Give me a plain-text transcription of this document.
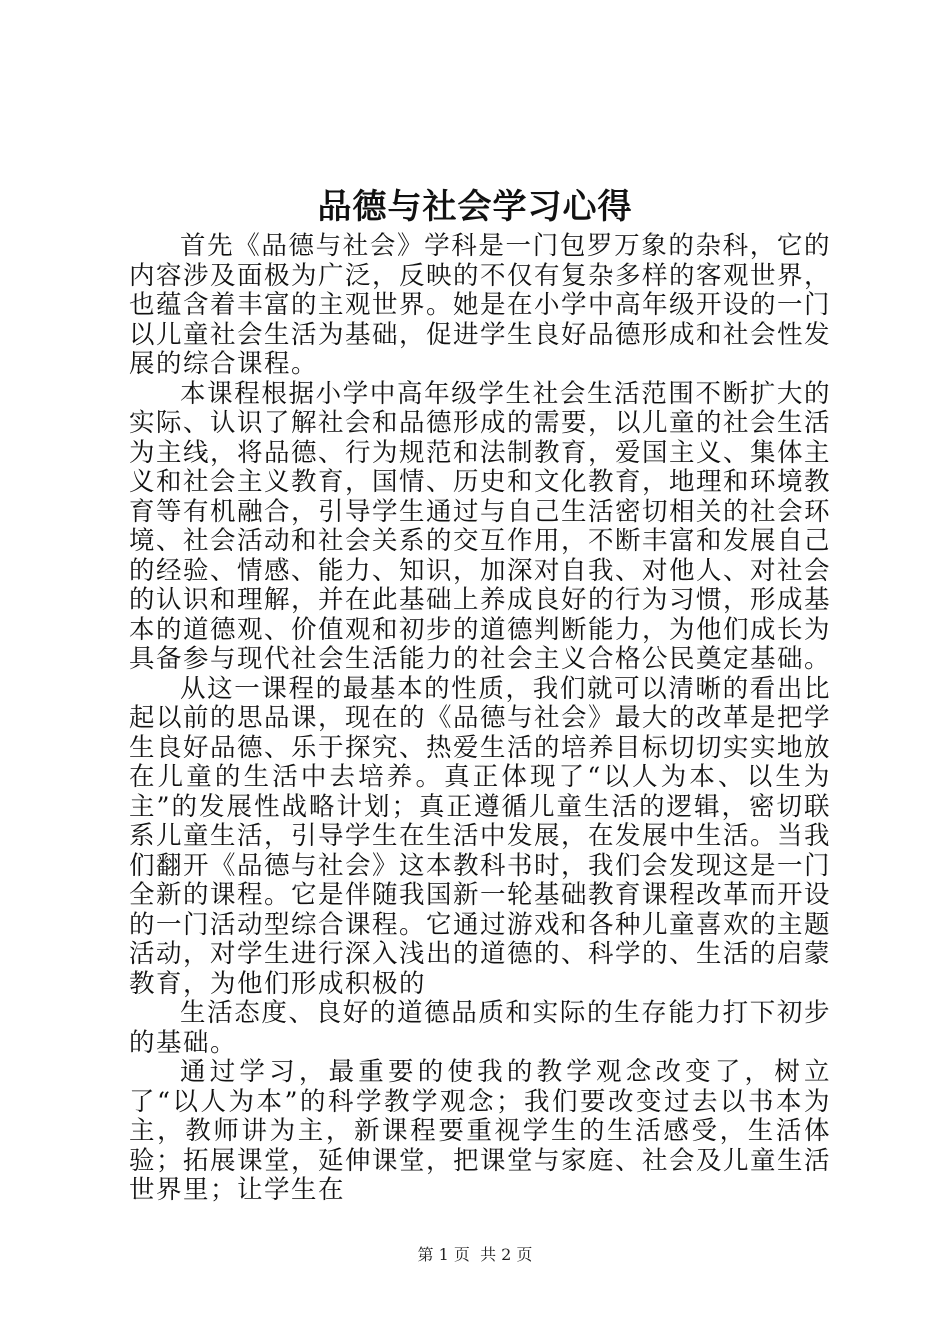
品德与社会学习心得

首先《品德与社会》学科是一门包罗万象的杂科，它的内容涉及面极为广泛，反映的不仅有复杂多样的客观世界，也蕴含着丰富的主观世界。她是在小学中高年级开设的一门以儿童社会生活为基础，促进学生良好品德形成和社会性发展的综合课程。

本课程根据小学中高年级学生社会生活范围不断扩大的实际、认识了解社会和品德形成的需要，以儿童的社会生活为主线，将品德、行为规范和法制教育，爱国主义、集体主义和社会主义教育，国情、历史和文化教育，地理和环境教育等有机融合，引导学生通过与自己生活密切相关的社会环境、社会活动和社会关系的交互作用，不断丰富和发展自己的经验、情感、能力、知识，加深对自我、对他人、对社会的认识和理解，并在此基础上养成良好的行为习惯，形成基本的道德观、价值观和初步的道德判断能力，为他们成长为具备参与现代社会生活能力的社会主义合格公民奠定基础。

从这一课程的最基本的性质，我们就可以清晰的看出比起以前的思品课，现在的《品德与社会》最大的改革是把学生良好品德、乐于探究、热爱生活的培养目标切切实实地放在儿童的生活中去培养。真正体现了“以人为本、以生为主”的发展性战略计划；真正遵循儿童生活的逻辑，密切联系儿童生活，引导学生在生活中发展，在发展中生活。当我们翻开《品德与社会》这本教科书时，我们会发现这是一门全新的课程。它是伴随我国新一轮基础教育课程改革而开设的一门活动型综合课程。它通过游戏和各种儿童喜欢的主题活动，对学生进行深入浅出的道德的、科学的、生活的启蒙教育，为他们形成积极的

生活态度、良好的道德品质和实际的生存能力打下初步的基础。

通过学习，最重要的使我的教学观念改变了，树立了“以人为本”的科学教学观念；我们要改变过去以书本为主，教师讲为主，新课程要重视学生的生活感受，生活体验；拓展课堂，延伸课堂，把课堂与家庭、社会及儿童生活世界里；让学生在

第 1 页  共 2 页
